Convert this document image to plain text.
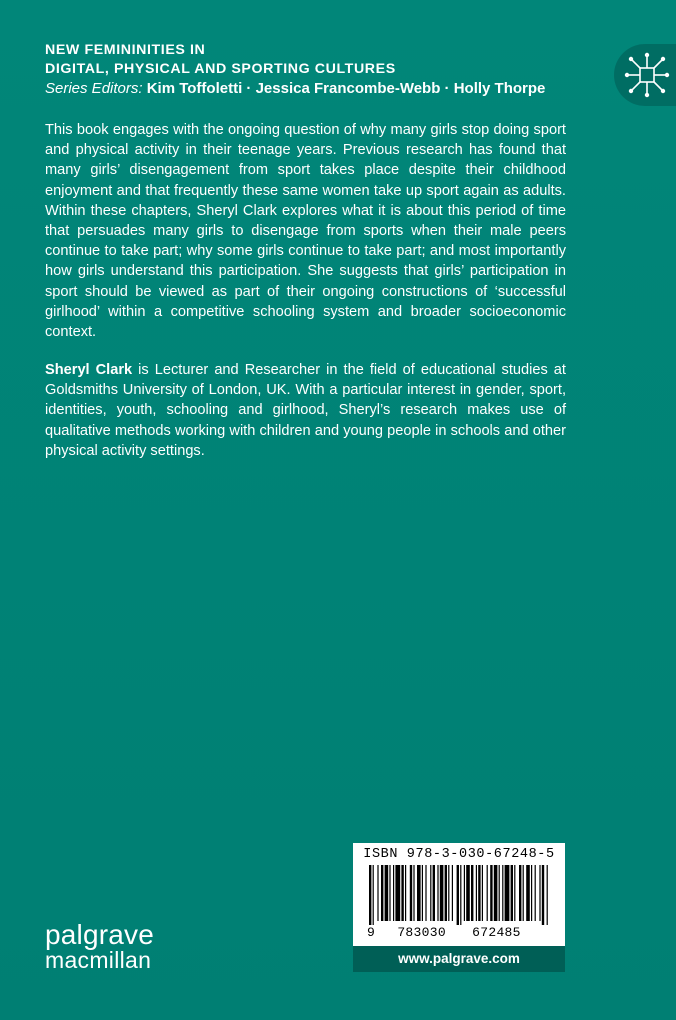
NEW FEMININITIES IN
DIGITAL, PHYSICAL AND SPORTING CULTURES
Series Editors: Kim Toffoletti · Jessica Francombe-Webb · Holly Thorpe

This book engages with the ongoing question of why many girls stop doing sport and physical activity in their teenage years. Previous research has found that many girls’ disengagement from sport takes place despite their childhood enjoyment and that frequently these same women take up sport again as adults. Within these chapters, Sheryl Clark explores what it is about this period of time that persuades many girls to disengage from sports when their male peers continue to take part; why some girls continue to take part; and most importantly how girls understand this participation. She suggests that girls’ participation in sport should be viewed as part of their ongoing constructions of ‘successful girlhood’ within a competitive schooling system and broader socioeconomic context.

Sheryl Clark is Lecturer and Researcher in the field of educational studies at Goldsmiths University of London, UK. With a particular interest in gender, sport, identities, youth, schooling and girlhood, Sheryl’s research makes use of qualitative methods working with children and young people in schools and other physical activity settings.

palgrave
macmillan
ISBN 978-3-030-67248-5
9 783030 672485
www.palgrave.com
